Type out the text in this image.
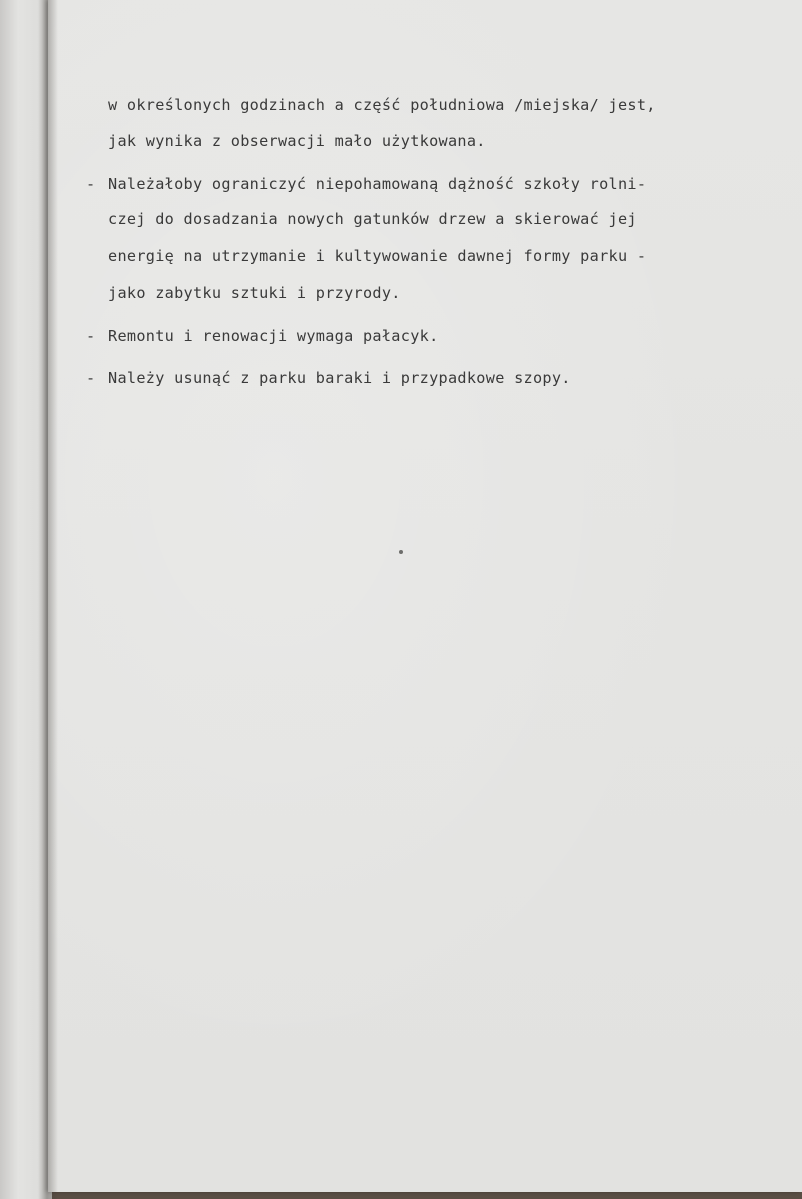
w określonych godzinach a część południowa /miejska/ jest,

jak wynika z obserwacji mało użytkowana.

-

Należałoby ograniczyć niepohamowaną dążność szkoły rolni-

czej do dosadzania nowych gatunków drzew a skierować jej

energię na utrzymanie i kultywowanie dawnej formy parku -

jako zabytku sztuki i przyrody.

-

Remontu i renowacji wymaga pałacyk.

-

Należy usunąć z parku baraki i przypadkowe szopy.
